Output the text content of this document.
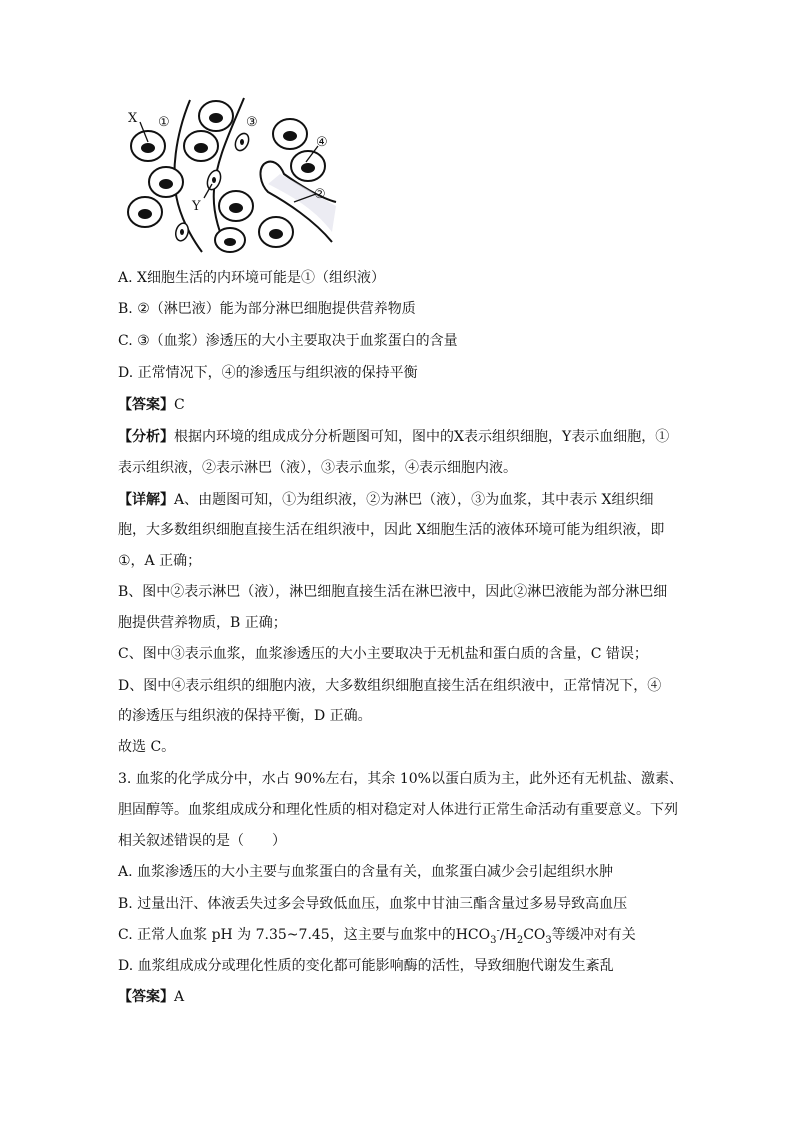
X ①	③
④
Y
②
A. X细胞生活的内环境可能是①（组织液）
B. ②（淋巴液）能为部分淋巴细胞提供营养物质
C. ③（血浆）渗透压的大小主要取决于血浆蛋白的含量
D. 正常情况下，④的渗透压与组织液的保持平衡
【答案】C
【分析】根据内环境的组成成分分析题图可知，图中的X表示组织细胞，Y表示血细胞，①
表示组织液，②表示淋巴（液），③表示血浆，④表示细胞内液。
【详解】A、由题图可知，①为组织液，②为淋巴（液），③为血浆，其中表示 X组织细
胞，大多数组织细胞直接生活在组织液中，因此 X细胞生活的液体环境可能为组织液，即
①，A 正确；
B、图中②表示淋巴（液），淋巴细胞直接生活在淋巴液中，因此②淋巴液能为部分淋巴细
胞提供营养物质，B 正确；
C、图中③表示血浆，血浆渗透压的大小主要取决于无机盐和蛋白质的含量，C 错误；
D、图中④表示组织的细胞内液，大多数组织细胞直接生活在组织液中，正常情况下，④
的渗透压与组织液的保持平衡，D 正确。
故选 C。
3. 血浆的化学成分中，水占 90%左右，其余 10%以蛋白质为主，此外还有无机盐、激素、
胆固醇等。血浆组成成分和理化性质的相对稳定对人体进行正常生命活动有重要意义。下列
相关叙述错误的是（　　）
A. 血浆渗透压的大小主要与血浆蛋白的含量有关，血浆蛋白减少会引起组织水肿
B. 过量出汗、体液丢失过多会导致低血压，血浆中甘油三酯含量过多易导致高血压
C. 正常人血浆 pH 为 7.35~7.45，这主要与血浆中的$HCO_3^-/H_2CO_3$等缓冲对有关
D. 血浆组成成分或理化性质的变化都可能影响酶的活性，导致细胞代谢发生紊乱
【答案】A
